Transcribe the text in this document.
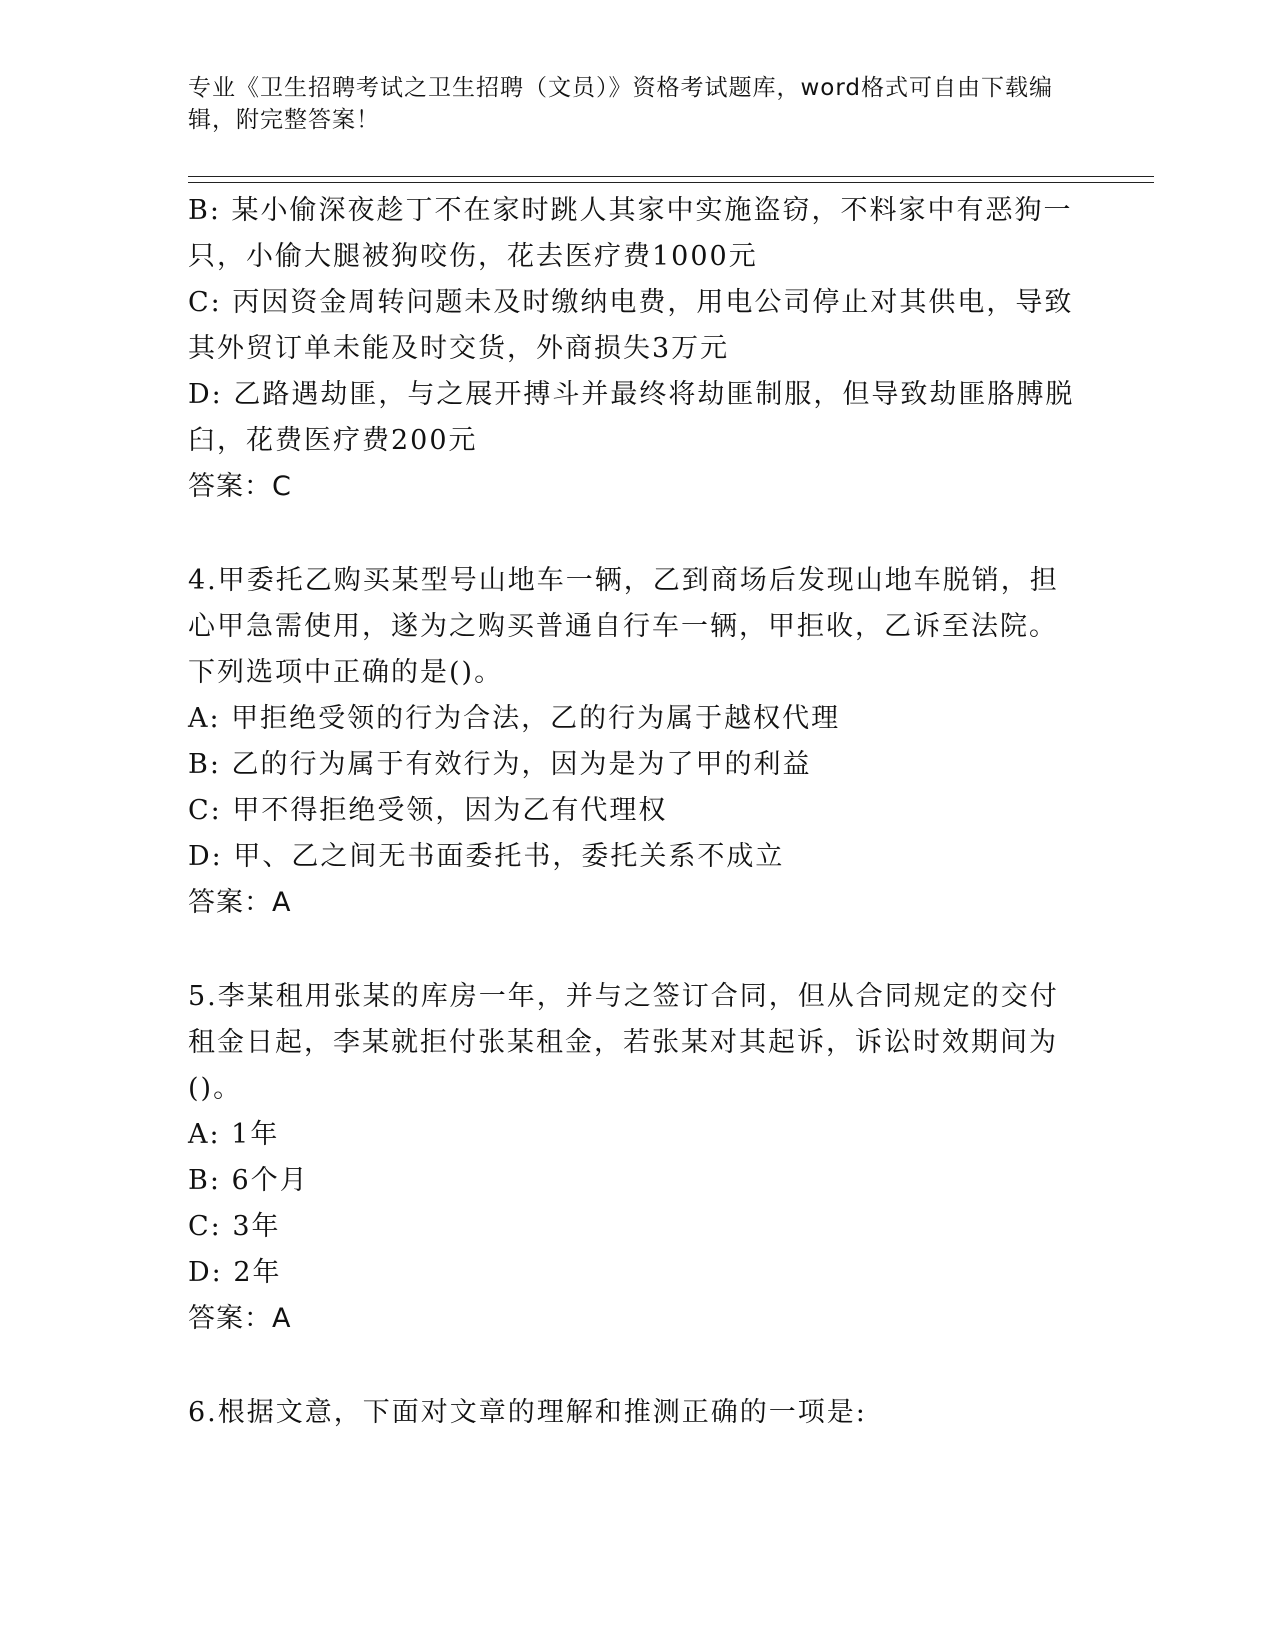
专业《卫生招聘考试之卫生招聘（文员）》资格考试题库，word格式可自由下载编辑，附完整答案！
B: 某小偷深夜趁丁不在家时跳人其家中实施盗窃，不料家中有恶狗一只，小偷大腿被狗咬伤，花去医疗费1000元
C: 丙因资金周转问题未及时缴纳电费，用电公司停止对其供电，导致其外贸订单未能及时交货，外商损失3万元
D: 乙路遇劫匪，与之展开搏斗并最终将劫匪制服，但导致劫匪胳膊脱臼，花费医疗费200元
答案：C
4.甲委托乙购买某型号山地车一辆，乙到商场后发现山地车脱销，担心甲急需使用，遂为之购买普通自行车一辆，甲拒收，乙诉至法院。下列选项中正确的是()。
A: 甲拒绝受领的行为合法，乙的行为属于越权代理
B: 乙的行为属于有效行为，因为是为了甲的利益
C: 甲不得拒绝受领，因为乙有代理权
D: 甲、乙之间无书面委托书，委托关系不成立
答案：A
5.李某租用张某的库房一年，并与之签订合同，但从合同规定的交付租金日起，李某就拒付张某租金，若张某对其起诉，诉讼时效期间为()。
A: 1年
B: 6个月
C: 3年
D: 2年
答案：A
6.根据文意，下面对文章的理解和推测正确的一项是:
